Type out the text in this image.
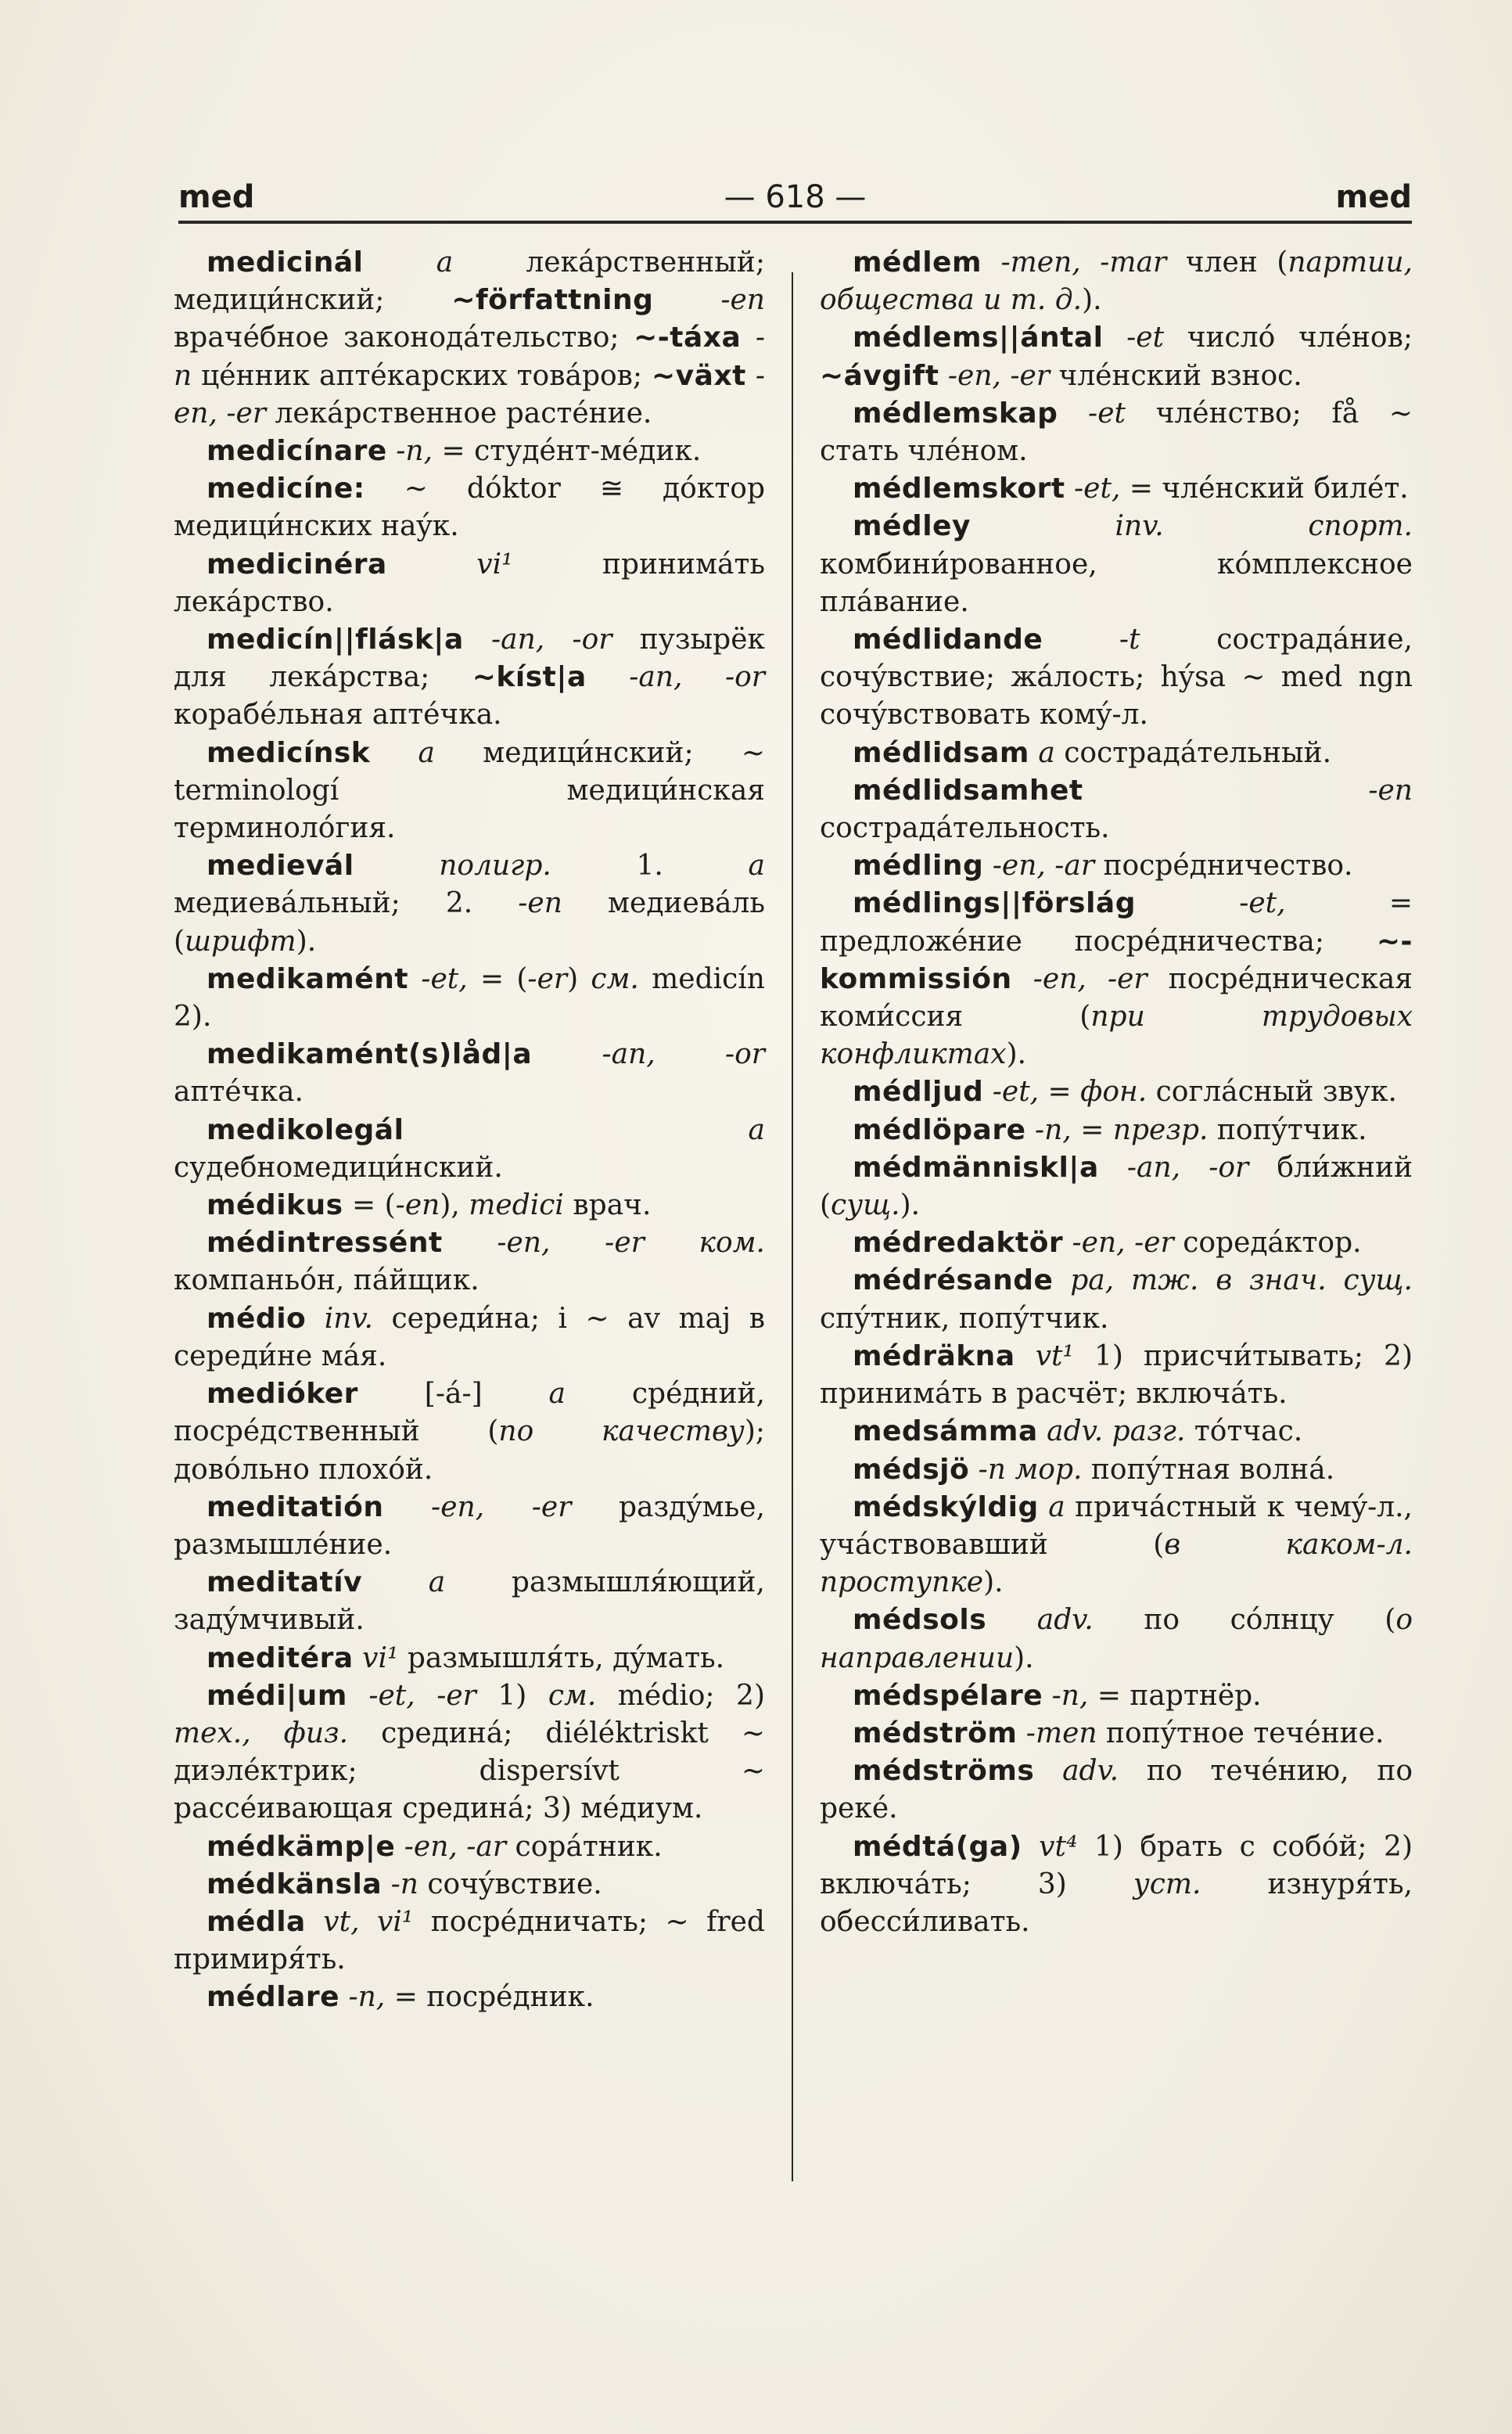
med	— 618 —	med

medicinál a лекáрственный; медици́нский; ~författning -en врачéбное законодáтельство; ~-táxa -n цéнник аптéкарских товáров; ~växt -en, -er лекáрственное растéние.

medicínare -n, = студéнт-мéдик.

medicíne: ~ dóktor ≅ дóктор медици́нских наýк.

medicinéra vi¹ принимáть лекáрство.

medicín||flásk|a -an, -or пузырёк для лекáрства; ~kíst|a -an, -or корабéльная аптéчка.

medicínsk a медици́нский; ~ terminologí медици́нская терминолóгия.

medievál полигр. 1. a медиевáльный; 2. -en медиевáль (шрифт).

medikamént -et, = (-er) см. medicín 2).

medikamént(s)låd|a -an, -or аптéчка.

medikolegál a судебномедици́нский.

médikus = (-en), medici врач.

médintressént -en, -er ком. компаньóн, пáйщик.

médio inv. середи́на; i ~ av maj в середи́не мáя.

medióker [-á-] a срéдний, посрéдственный (по качеству); довóльно плохóй.

meditatión -en, -er раздýмье, размышлéние.

meditatív a размышля́ющий, задýмчивый.

meditéra vi¹ размышля́ть, дýмать.

médi|um -et, -er 1) см. médio; 2) тех., физ. срединá; diéléktriskt ~ диэлéктрик; dispersívt ~ рассéивающая срединá; 3) мéдиум.

médkämp|e -en, -ar сорáтник.

médkänsla -n сочýвствие.

médla vt, vi¹ посрéдничать; ~ fred примиря́ть.

médlare -n, = посрéдник.

médlem -men, -mar член (партии, общества и т. д.).

médlems||ántal -et числó члéнов; ~ávgift -en, -er члéнский взнос.

médlemskap -et члéнство; få ~ стать члéном.

médlemskort -et, = члéнский билéт.

médley inv. спорт. комбини́рованное, кóмплексное плáвание.

médlidande -t сострадáние, сочýвствие; жáлость; hýsa ~ med ngn сочýвствовать комý-л.

médlidsam a сострадáтельный.

médlidsamhet -en сострадáтельность.

médling -en, -ar посрéдничество.

médlings||förslág -et, = предложéние посрéдничества; ~-kommissión -en, -er посрéдническая коми́ссия (при трудовых конфликтах).

médljud -et, = фон. соглáсный звук.

médlöpare -n, = презр. попýтчик.

médmänniskl|a -an, -or бли́жний (сущ.).

médredaktör -en, -er соредáктор.

médrésande pa, тж. в знач. сущ. спýтник, попýтчик.

médräkna vt¹ 1) присчи́тывать; 2) принимáть в расчёт; включáть.

medsámma adv. разг. тóтчас.

médsjö -n мор. попýтная волнá.

médskýldig a причáстный к чемý-л., учáствовавший (в каком-л. проступке).

médsols adv. по сóлнцу (о направлении).

médspélare -n, = партнёр.

médström -men попýтное течéние.

médströms adv. по течéнию, по рекé.

médtá(ga) vt⁴ 1) брать с собóй; 2) включáть; 3) уст. изнуря́ть, обесси́ливать.
